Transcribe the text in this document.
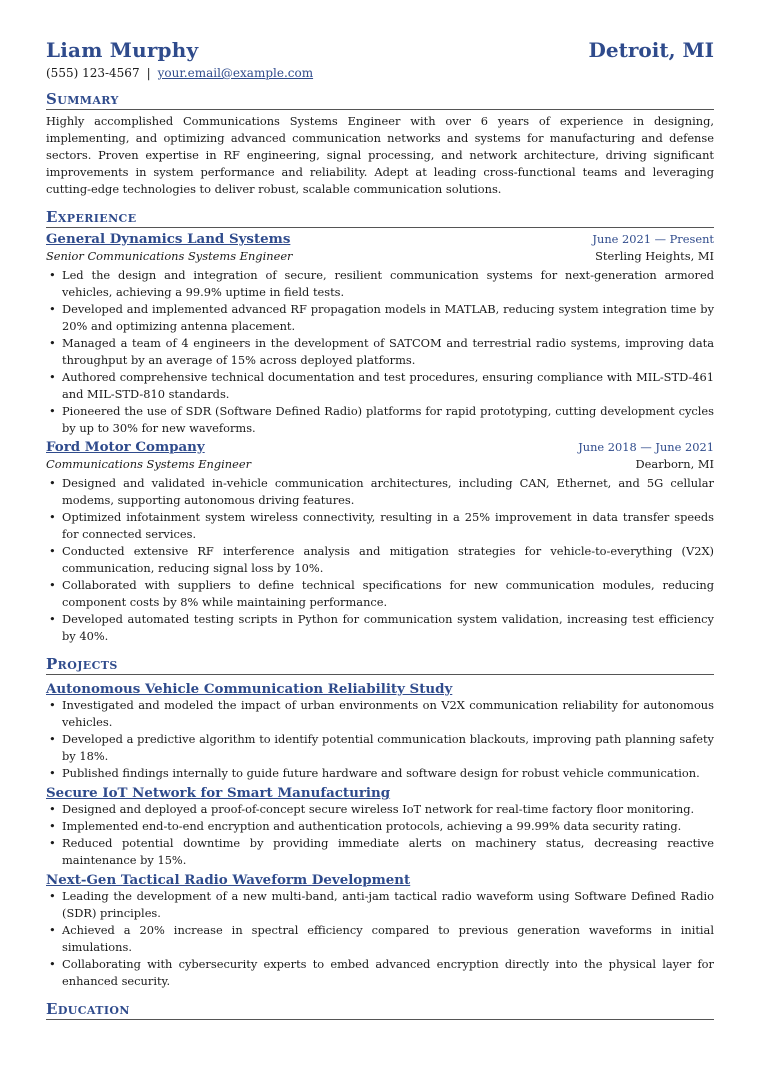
Liam Murphy	Detroit, MI
(555) 123-4567 | your.email@example.com
Summary

Highly accomplished Communications Systems Engineer with over 6 years of experience in designing, implementing, and optimizing advanced communication networks and systems for manufacturing and defense sectors. Proven expertise in RF engineering, signal processing, and network architecture, driving significant improvements in system performance and reliability. Adept at leading cross-functional teams and leveraging cutting-edge technologies to deliver robust, scalable communication solutions.

Experience
General Dynamics Land Systems	June 2021 — Present
Senior Communications Systems Engineer	Sterling Heights, MI
• Led the design and integration of secure, resilient communication systems for next-generation armored vehicles, achieving a 99.9% uptime in field tests.
• Developed and implemented advanced RF propagation models in MATLAB, reducing system integration time by 20% and optimizing antenna placement.
• Managed a team of 4 engineers in the development of SATCOM and terrestrial radio systems, improving data throughput by an average of 15% across deployed platforms.
• Authored comprehensive technical documentation and test procedures, ensuring compliance with MIL-STD-461 and MIL-STD-810 standards.
• Pioneered the use of SDR (Software Defined Radio) platforms for rapid prototyping, cutting development cycles by up to 30% for new waveforms.
Ford Motor Company	June 2018 — June 2021
Communications Systems Engineer	Dearborn, MI
• Designed and validated in-vehicle communication architectures, including CAN, Ethernet, and 5G cellular modems, supporting autonomous driving features.
• Optimized infotainment system wireless connectivity, resulting in a 25% improvement in data transfer speeds for connected services.
• Conducted extensive RF interference analysis and mitigation strategies for vehicle-to-everything (V2X) communication, reducing signal loss by 10%.
• Collaborated with suppliers to define technical specifications for new communication modules, reducing component costs by 8% while maintaining performance.
• Developed automated testing scripts in Python for communication system validation, increasing test efficiency by 40%.
Projects
Autonomous Vehicle Communication Reliability Study
• Investigated and modeled the impact of urban environments on V2X communication reliability for autonomous vehicles.
• Developed a predictive algorithm to identify potential communication blackouts, improving path planning safety by 18%.
• Published findings internally to guide future hardware and software design for robust vehicle communication.
Secure IoT Network for Smart Manufacturing
• Designed and deployed a proof-of-concept secure wireless IoT network for real-time factory floor monitoring.
• Implemented end-to-end encryption and authentication protocols, achieving a 99.99% data security rating.
• Reduced potential downtime by providing immediate alerts on machinery status, decreasing reactive maintenance by 15%.
Next-Gen Tactical Radio Waveform Development
• Leading the development of a new multi-band, anti-jam tactical radio waveform using Software Defined Radio (SDR) principles.
• Achieved a 20% increase in spectral efficiency compared to previous generation waveforms in initial simulations.
• Collaborating with cybersecurity experts to embed advanced encryption directly into the physical layer for enhanced security.
Education
